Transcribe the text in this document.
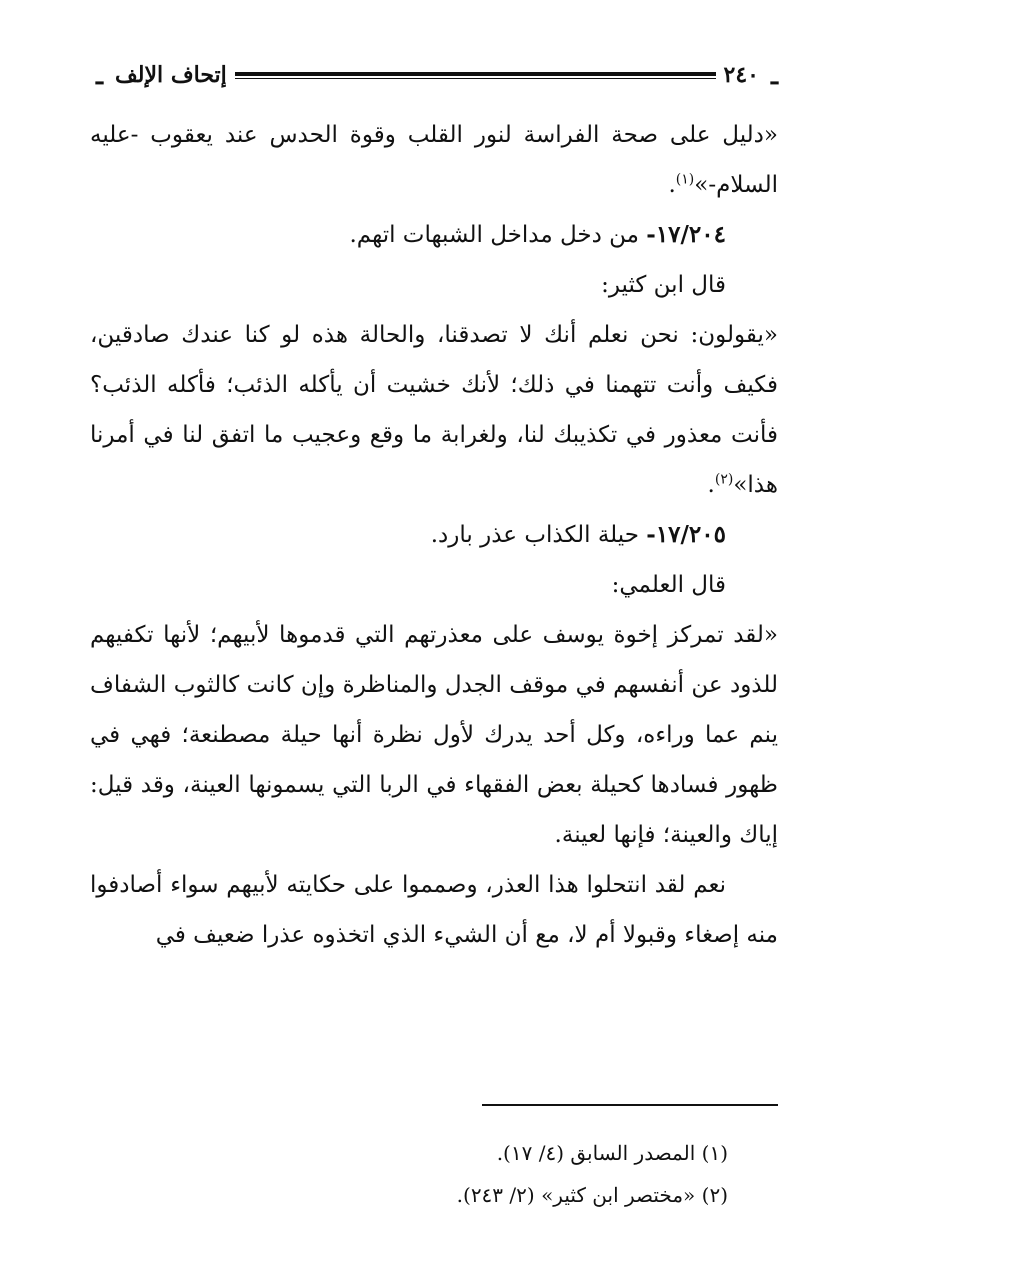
ـ
٢٤٠
إتحاف الإلف
ـ

«دليل على صحة الفراسة لنور القلب وقوة الحدس عند يعقوب -عليه السلام-»$^{(١)}$.

١٧/٢٠٤- من دخل مداخل الشبهات اتهم.

قال ابن كثير:

«يقولون: نحن نعلم أنك لا تصدقنا، والحالة هذه لو كنا عندك صادقين، فكيف وأنت تتهمنا في ذلك؛ لأنك خشيت أن يأكله الذئب؛ فأكله الذئب؟ فأنت معذور في تكذيبك لنا، ولغرابة ما وقع وعجيب ما اتفق لنا في أمرنا هذا»$^{(٢)}$.

١٧/٢٠٥- حيلة الكذاب عذر بارد.

قال العلمي:

«لقد تمركز إخوة يوسف على معذرتهم التي قدموها لأبيهم؛ لأنها تكفيهم للذود عن أنفسهم في موقف الجدل والمناظرة وإن كانت كالثوب الشفاف ينم عما وراءه، وكل أحد يدرك لأول نظرة أنها حيلة مصطنعة؛ فهي في ظهور فسادها كحيلة بعض الفقهاء في الربا التي يسمونها العينة، وقد قيل: إياك والعينة؛ فإنها لعينة.

نعم لقد انتحلوا هذا العذر، وصمموا على حكايته لأبيهم سواء أصادفوا منه إصغاء وقبولا أم لا، مع أن الشيء الذي اتخذوه عذرا ضعيف في

(١) المصدر السابق (٤/ ١٧).
(٢) «مختصر ابن كثير» (٢/ ٢٤٣).
